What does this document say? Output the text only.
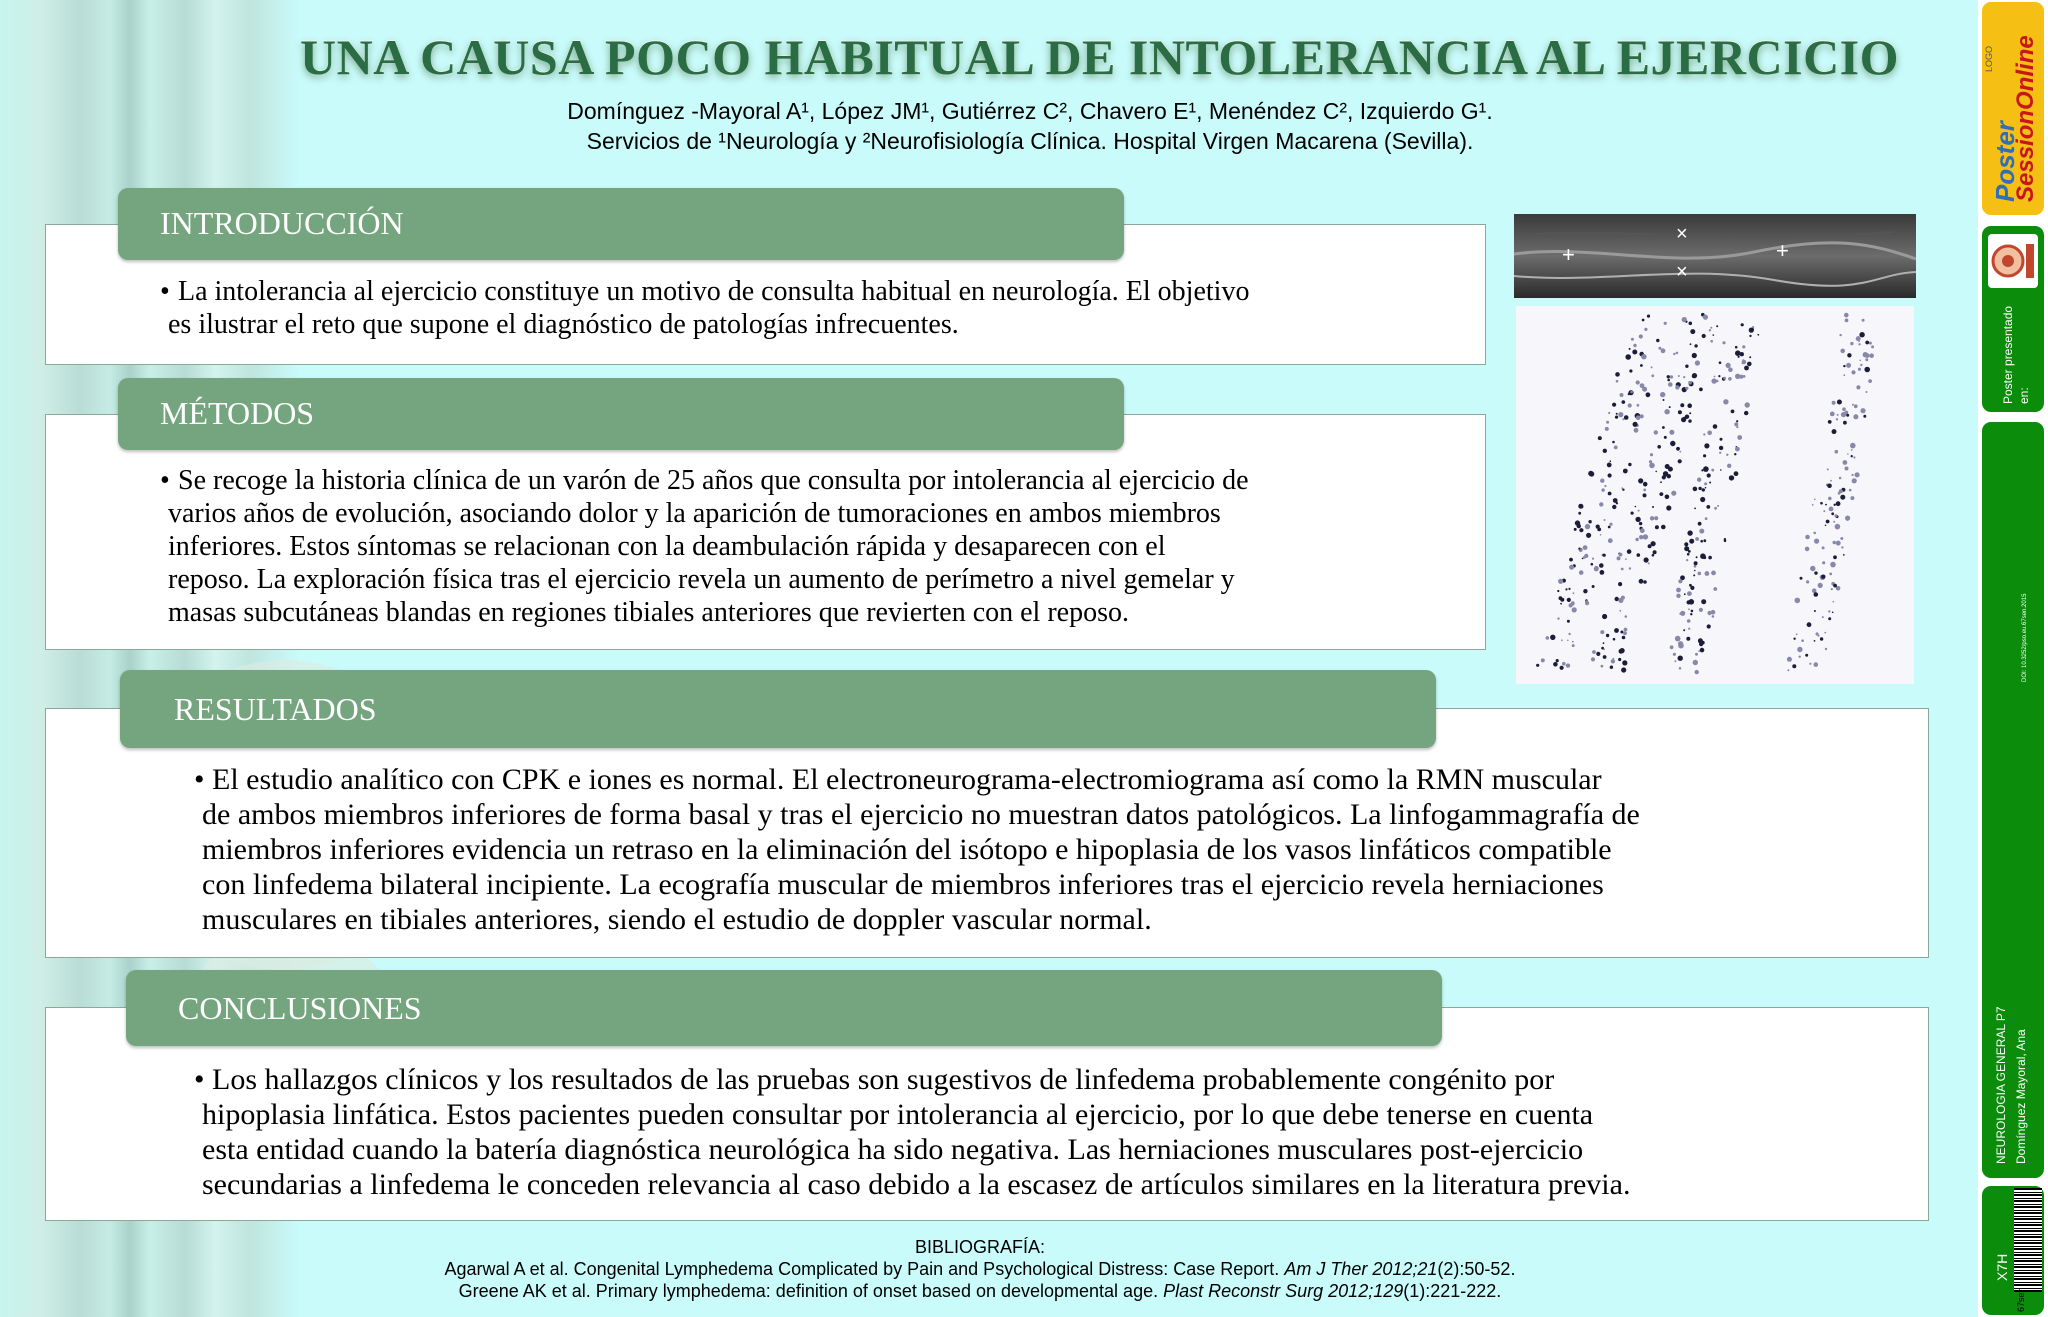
UNA CAUSA POCO HABITUAL DE INTOLERANCIA AL EJERCICIO
Domínguez -Mayoral A¹, López JM¹, Gutiérrez C², Chavero E¹, Menéndez C², Izquierdo G¹.
Servicios de ¹Neurología y ²Neurofisiología Clínica. Hospital Virgen Macarena (Sevilla).
INTRODUCCIÓN
• La intolerancia al ejercicio constituye un motivo de consulta habitual en neurología. El objetivo
es ilustrar el reto que supone el diagnóstico de patologías infrecuentes.
MÉTODOS
• Se recoge la historia clínica de un varón de 25 años que consulta por intolerancia al ejercicio de
varios años de evolución, asociando dolor y la aparición de tumoraciones en ambos miembros
inferiores. Estos síntomas se relacionan con la deambulación rápida y desaparecen con el
reposo. La exploración física tras el ejercicio revela un aumento de perímetro a nivel gemelar y
masas subcutáneas blandas en regiones tibiales anteriores que revierten con el reposo.
+
×
+
×
RESULTADOS
• El estudio analítico con CPK e iones es normal. El electroneurograma-electromiograma así como la RMN muscular
de ambos miembros inferiores de forma basal y tras el ejercicio no muestran datos patológicos. La linfogammagrafía de
miembros inferiores evidencia un retraso en la eliminación del isótopo e hipoplasia de los vasos linfáticos compatible
con linfedema bilateral incipiente. La ecografía muscular de miembros inferiores tras el ejercicio revela herniaciones
musculares en tibiales anteriores, siendo el estudio de doppler vascular normal.
CONCLUSIONES
• Los hallazgos clínicos y los resultados de las pruebas son sugestivos de linfedema probablemente congénito por
hipoplasia linfática. Estos pacientes pueden consultar por intolerancia al ejercicio, por lo que debe tenerse en cuenta
esta entidad cuando la batería diagnóstica neurológica ha sido negativa. Las herniaciones musculares post-ejercicio
secundarias a linfedema le conceden relevancia al caso debido a la escasez de artículos similares en la literatura previa.
BIBLIOGRAFÍA:
Agarwal A et al. Congenital Lymphedema Complicated by Pain and Psychological Distress: Case Report. Am J Ther 2012;21(2):50-52.
Greene AK et al. Primary lymphedema: definition of onset based on developmental age. Plast Reconstr Surg 2012;129(1):221-222.
Poster
SessionOnline
LOGO
Poster presentado en:
DOI: 10.3252/pso.eu.67sen.2015
NEUROLOGIA GENERAL P7 Domínguez Mayoral, Ana
X7H
67sen
